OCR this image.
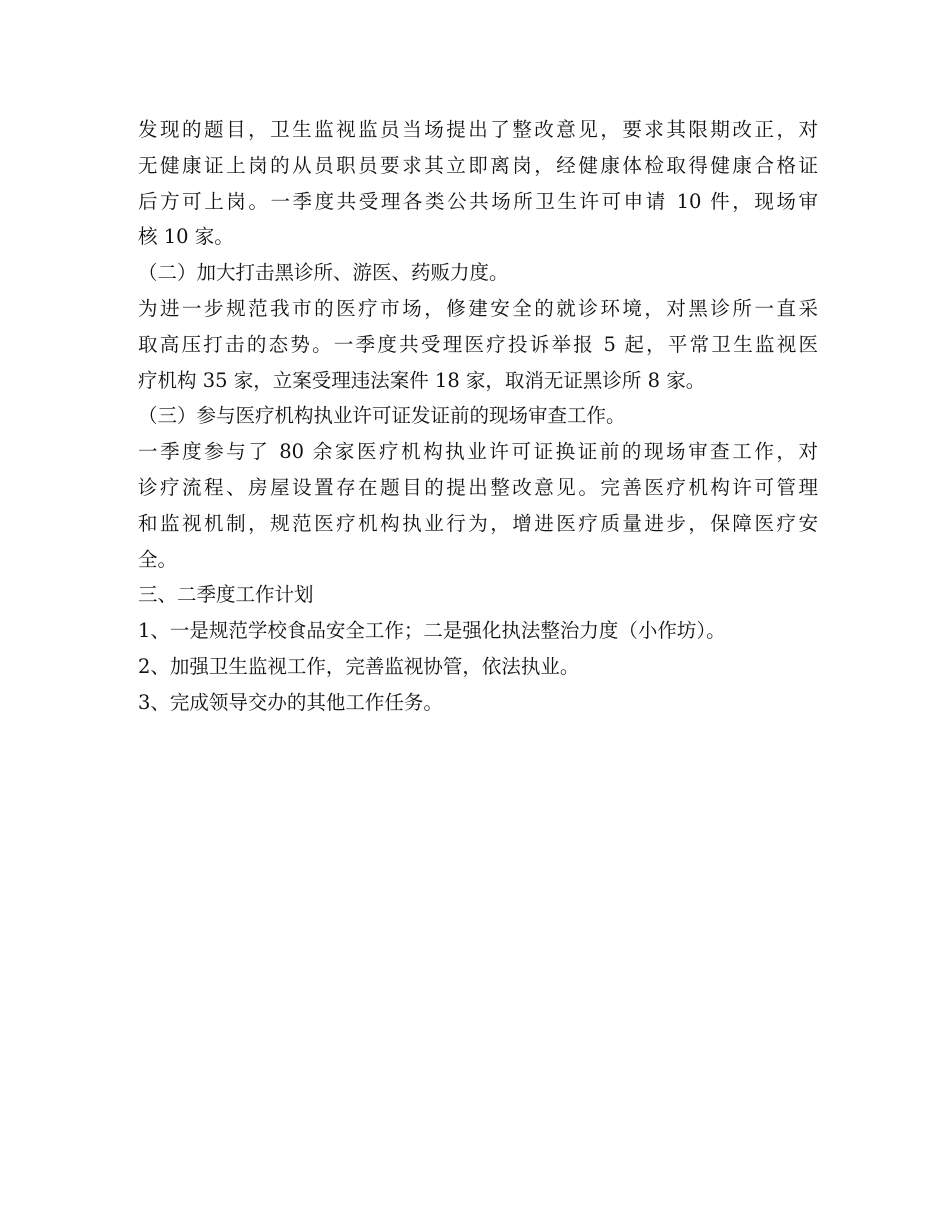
发现的题目，卫生监视监员当场提出了整改意见，要求其限期改正，对
无健康证上岗的从员职员要求其立即离岗，经健康体检取得健康合格证
后方可上岗。一季度共受理各类公共场所卫生许可申请 10 件，现场审
核 10 家。
（二）加大打击黑诊所、游医、药贩力度。
为进一步规范我市的医疗市场，修建安全的就诊环境，对黑诊所一直采
取高压打击的态势。一季度共受理医疗投诉举报 5 起，平常卫生监视医
疗机构 35 家，立案受理违法案件 18 家，取消无证黑诊所 8 家。
（三）参与医疗机构执业许可证发证前的现场审查工作。
一季度参与了 80 余家医疗机构执业许可证换证前的现场审查工作，对
诊疗流程、房屋设置存在题目的提出整改意见。完善医疗机构许可管理
和监视机制，规范医疗机构执业行为，增进医疗质量进步，保障医疗安
全。
三、二季度工作计划
1、一是规范学校食品安全工作；二是强化执法整治力度（小作坊）。
2、加强卫生监视工作，完善监视协管，依法执业。
3、完成领导交办的其他工作任务。
